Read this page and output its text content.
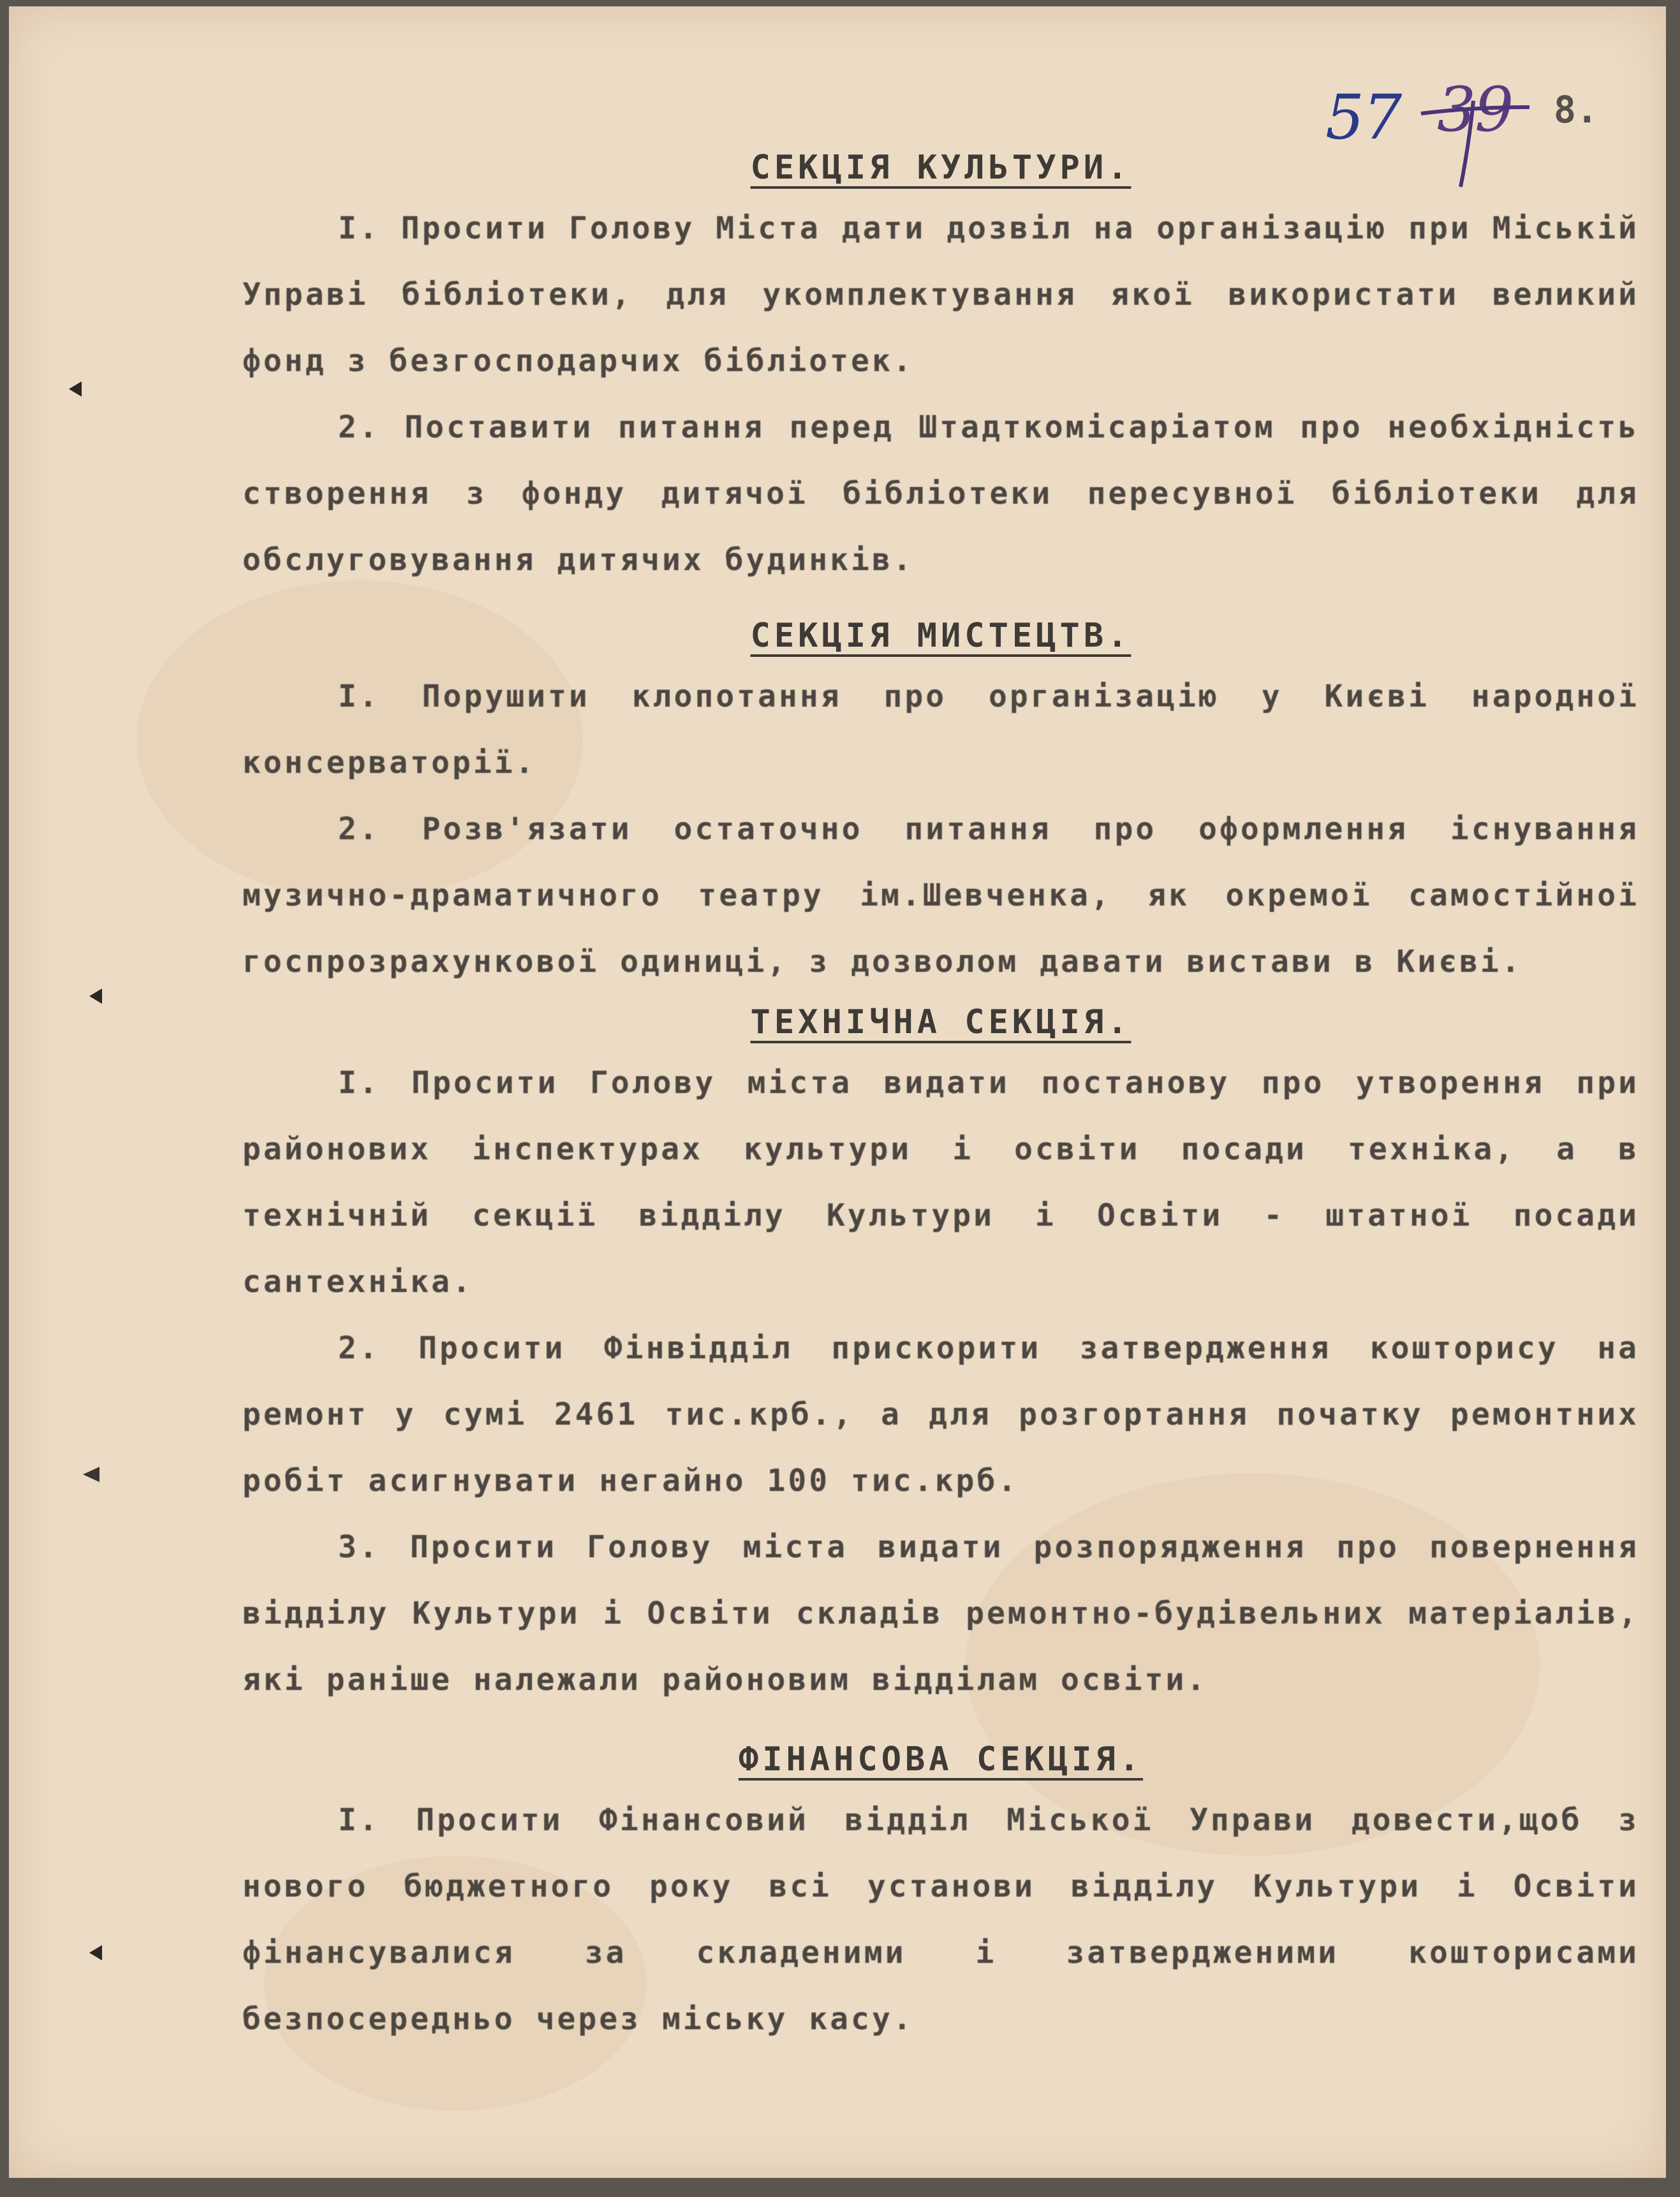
57 39 8.
СЕКЦІЯ КУЛЬТУРИ.

І. Просити Голову Міста дати дозвіл на організацію при Міській Управі бібліотеки, для укомплектування якої використати великий фонд з безгосподарчих бібліотек.

2. Поставити питання перед Штадткомісаріатом про необхідність створення з фонду дитячої бібліотеки пересувної бібліотеки для обслуговування дитячих будинків.

СЕКЦІЯ МИСТЕЦТВ.

І. Порушити клопотання про організацію у Києві народної консерваторії.

2. Розв'язати остаточно питання про оформлення існування музично-драматичного театру ім.Шевченка, як окремої самостійної госпрозрахункової одиниці, з дозволом давати вистави в Києві.

ТЕХНІЧНА СЕКЦІЯ.

І. Просити Голову міста видати постанову про утворення при районових інспектурах культури і освіти посади техніка, а в технічній секції відділу Культури і Освіти - штатної посади сантехніка.

2. Просити Фінвідділ прискорити затвердження кошторису на ремонт у сумі 2461 тис.крб., а для розгортання початку ремонтних робіт асигнувати негайно 100 тис.крб.

3. Просити Голову міста видати розпорядження про повернення відділу Культури і Освіти складів ремонтно-будівельних матеріалів, які раніше належали районовим відділам освіти.

ФІНАНСОВА СЕКЦІЯ.

І. Просити Фінансовий відділ Міської Управи довести,щоб з нового бюджетного року всі установи відділу Культури і Освіти фінансувалися за складеними і затвердженими кошторисами безпосередньо через міську касу.
